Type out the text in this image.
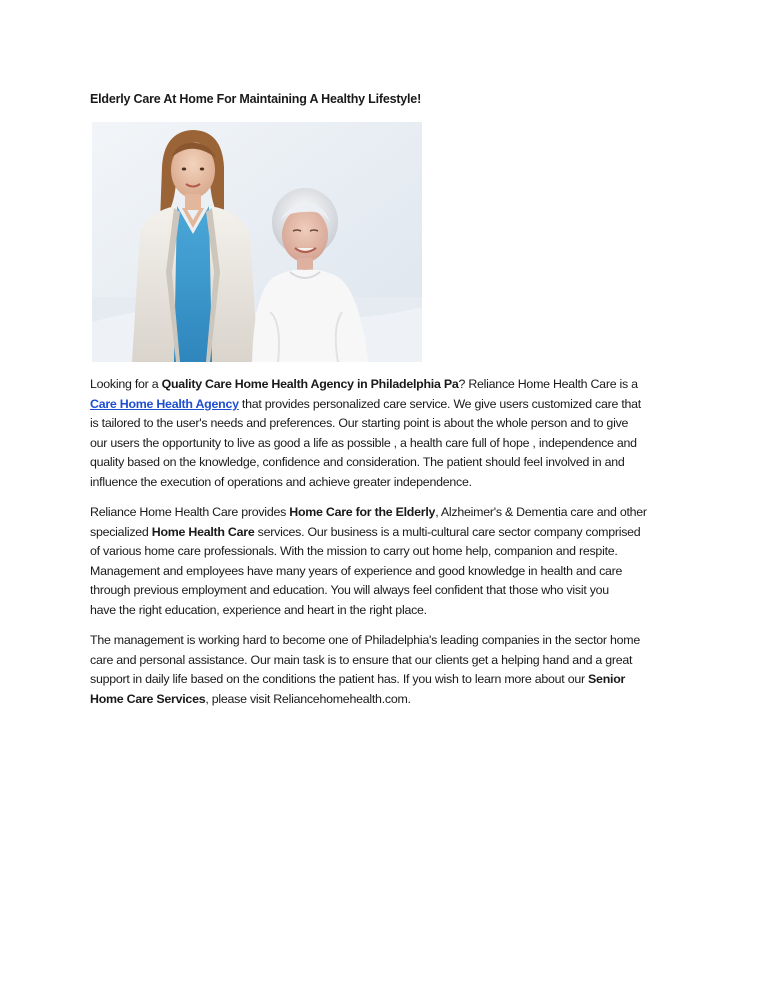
Elderly Care At Home For Maintaining A Healthy Lifestyle!

Looking for a Quality Care Home Health Agency in Philadelphia Pa? Reliance Home Health Care is a
Care Home Health Agency that provides personalized care service. We give users customized care that
is tailored to the user's needs and preferences. Our starting point is about the whole person and to give
our users the opportunity to live as good a life as possible , a health care full of hope , independence and
quality based on the knowledge, confidence and consideration. The patient should feel involved in and
influence the execution of operations and achieve greater independence.

Reliance Home Health Care provides Home Care for the Elderly, Alzheimer's & Dementia care and other
specialized Home Health Care services. Our business is a multi-cultural care sector company comprised
of various home care professionals. With the mission to carry out home help, companion and respite.
Management and employees have many years of experience and good knowledge in health and care
through previous employment and education. You will always feel confident that those who visit you
have the right education, experience and heart in the right place.

The management is working hard to become one of Philadelphia's leading companies in the sector home
care and personal assistance. Our main task is to ensure that our clients get a helping hand and a great
support in daily life based on the conditions the patient has. If you wish to learn more about our Senior
Home Care Services, please visit Reliancehomehealth.com.
